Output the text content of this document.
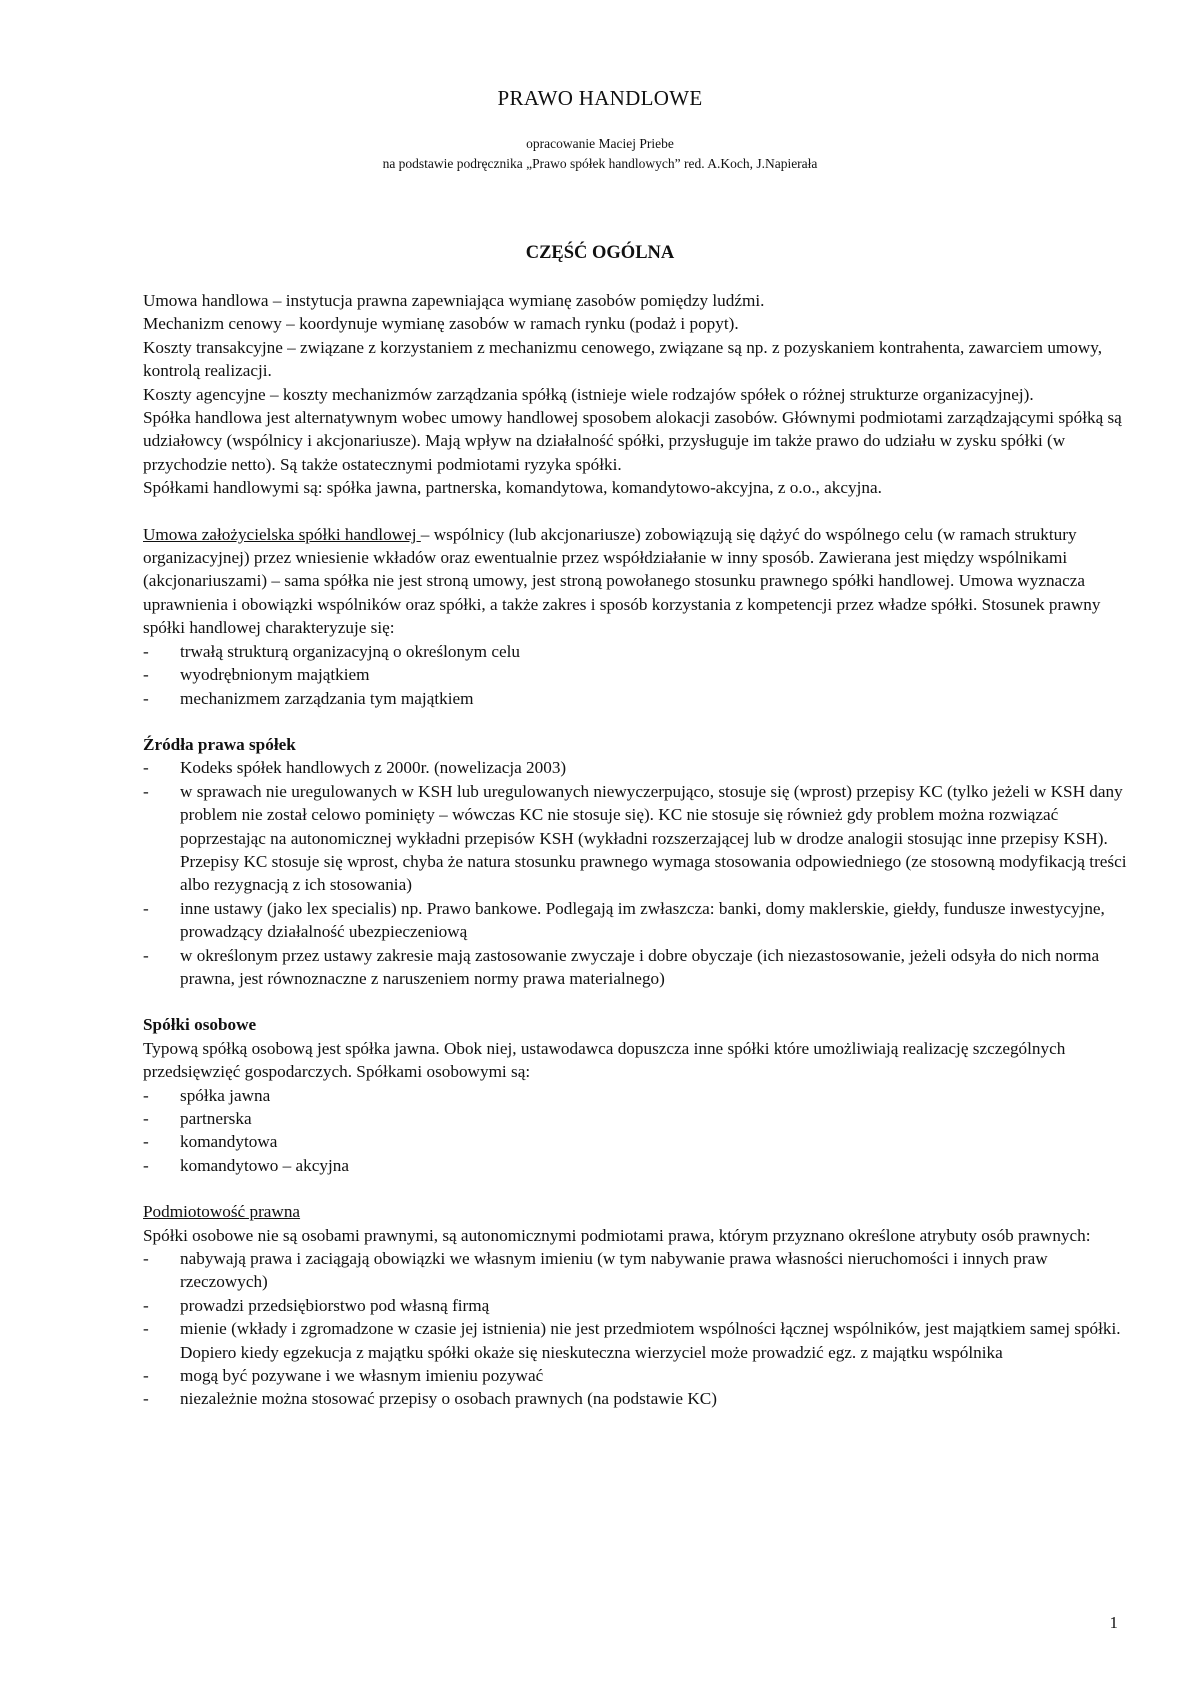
PRAWO HANDLOWE
opracowanie Maciej Priebe
na podstawie podręcznika „Prawo spółek handlowych” red. A.Koch, J.Napierała
CZĘŚĆ OGÓLNA

Umowa handlowa – instytucja prawna zapewniająca wymianę zasobów pomiędzy ludźmi.

Mechanizm cenowy – koordynuje wymianę zasobów w ramach rynku (podaż i popyt).

Koszty transakcyjne – związane z korzystaniem z mechanizmu cenowego, związane są np. z pozyskaniem kontrahenta, zawarciem umowy, kontrolą realizacji.

Koszty agencyjne – koszty mechanizmów zarządzania spółką (istnieje wiele rodzajów spółek o różnej strukturze organizacyjnej).

Spółka handlowa jest alternatywnym wobec umowy handlowej sposobem alokacji zasobów. Głównymi podmiotami zarządzającymi spółką są udziałowcy (wspólnicy i akcjonariusze). Mają wpływ na działalność spółki, przysługuje im także prawo do udziału w zysku spółki (w przychodzie netto). Są także ostatecznymi podmiotami ryzyka spółki.

Spółkami handlowymi są: spółka jawna, partnerska, komandytowa, komandytowo-akcyjna, z o.o., akcyjna.

Umowa założycielska spółki handlowej – wspólnicy (lub akcjonariusze) zobowiązują się dążyć do wspólnego celu (w ramach struktury organizacyjnej) przez wniesienie wkładów oraz ewentualnie przez współdziałanie w inny sposób. Zawierana jest między wspólnikami (akcjonariuszami) – sama spółka nie jest stroną umowy, jest stroną powołanego stosunku prawnego spółki handlowej. Umowa wyznacza uprawnienia i obowiązki wspólników oraz spółki, a także zakres i sposób korzystania z kompetencji przez władze spółki. Stosunek prawny spółki handlowej charakteryzuje się:

- trwałą strukturą organizacyjną o określonym celu
- wyodrębnionym majątkiem
- mechanizmem zarządzania tym majątkiem

Źródła prawa spółek

- Kodeks spółek handlowych z 2000r. (nowelizacja 2003)
- w sprawach nie uregulowanych w KSH lub uregulowanych niewyczerpująco, stosuje się (wprost) przepisy KC (tylko jeżeli w KSH dany problem nie został celowo pominięty – wówczas KC nie stosuje się). KC nie stosuje się również gdy problem można rozwiązać poprzestając na autonomicznej wykładni przepisów KSH (wykładni rozszerzającej lub w drodze analogii stosując inne przepisy KSH). Przepisy KC stosuje się wprost, chyba że natura stosunku prawnego wymaga stosowania odpowiedniego (ze stosowną modyfikacją treści albo rezygnacją z ich stosowania)
- inne ustawy (jako lex specialis) np. Prawo bankowe. Podlegają im zwłaszcza: banki, domy maklerskie, giełdy, fundusze inwestycyjne, prowadzący działalność ubezpieczeniową
- w określonym przez ustawy zakresie mają zastosowanie zwyczaje i dobre obyczaje (ich niezastosowanie, jeżeli odsyła do nich norma prawna, jest równoznaczne z naruszeniem normy prawa materialnego)

Spółki osobowe

Typową spółką osobową jest spółka jawna. Obok niej, ustawodawca dopuszcza inne spółki które umożliwiają realizację szczególnych przedsięwzięć gospodarczych. Spółkami osobowymi są:

- spółka jawna
- partnerska
- komandytowa
- komandytowo – akcyjna

Podmiotowość prawna

Spółki osobowe nie są osobami prawnymi, są autonomicznymi podmiotami prawa, którym przyznano określone atrybuty osób prawnych:

- nabywają prawa i zaciągają obowiązki we własnym imieniu (w tym nabywanie prawa własności nieruchomości i innych praw rzeczowych)
- prowadzi przedsiębiorstwo pod własną firmą
- mienie (wkłady i zgromadzone w czasie jej istnienia) nie jest przedmiotem wspólności łącznej wspólników, jest majątkiem samej spółki. Dopiero kiedy egzekucja z majątku spółki okaże się nieskuteczna wierzyciel może prowadzić egz. z majątku wspólnika
- mogą być pozywane i we własnym imieniu pozywać
- niezależnie można stosować przepisy o osobach prawnych (na podstawie KC)
1
